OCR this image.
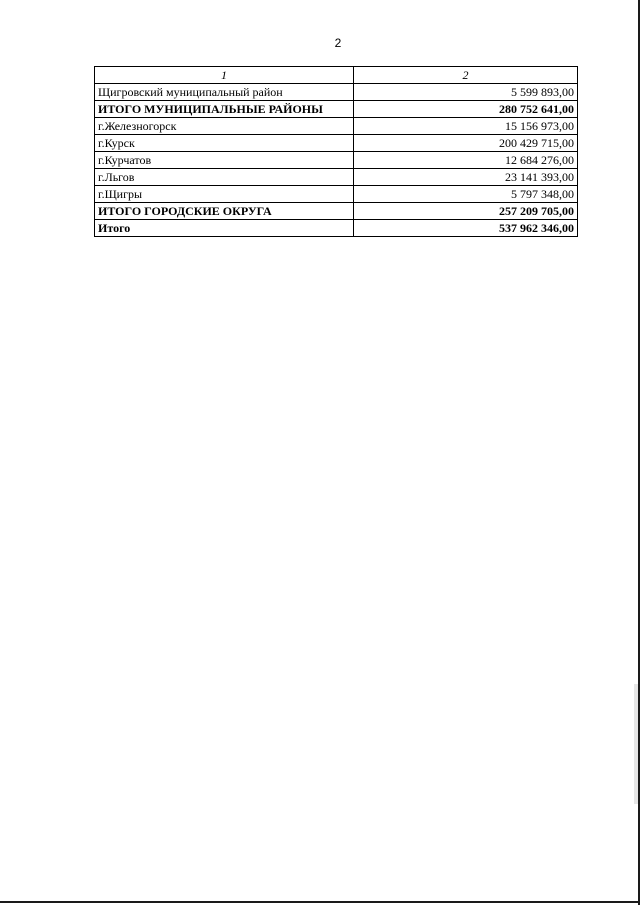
2
1	2
Щигровский муниципальный район	5 599 893,00
ИТОГО МУНИЦИПАЛЬНЫЕ РАЙОНЫ	280 752 641,00
г.Железногорск	15 156 973,00
г.Курск	200 429 715,00
г.Курчатов	12 684 276,00
г.Льгов	23 141 393,00
г.Щигры	5 797 348,00
ИТОГО ГОРОДСКИЕ ОКРУГА	257 209 705,00
Итого	537 962 346,00
